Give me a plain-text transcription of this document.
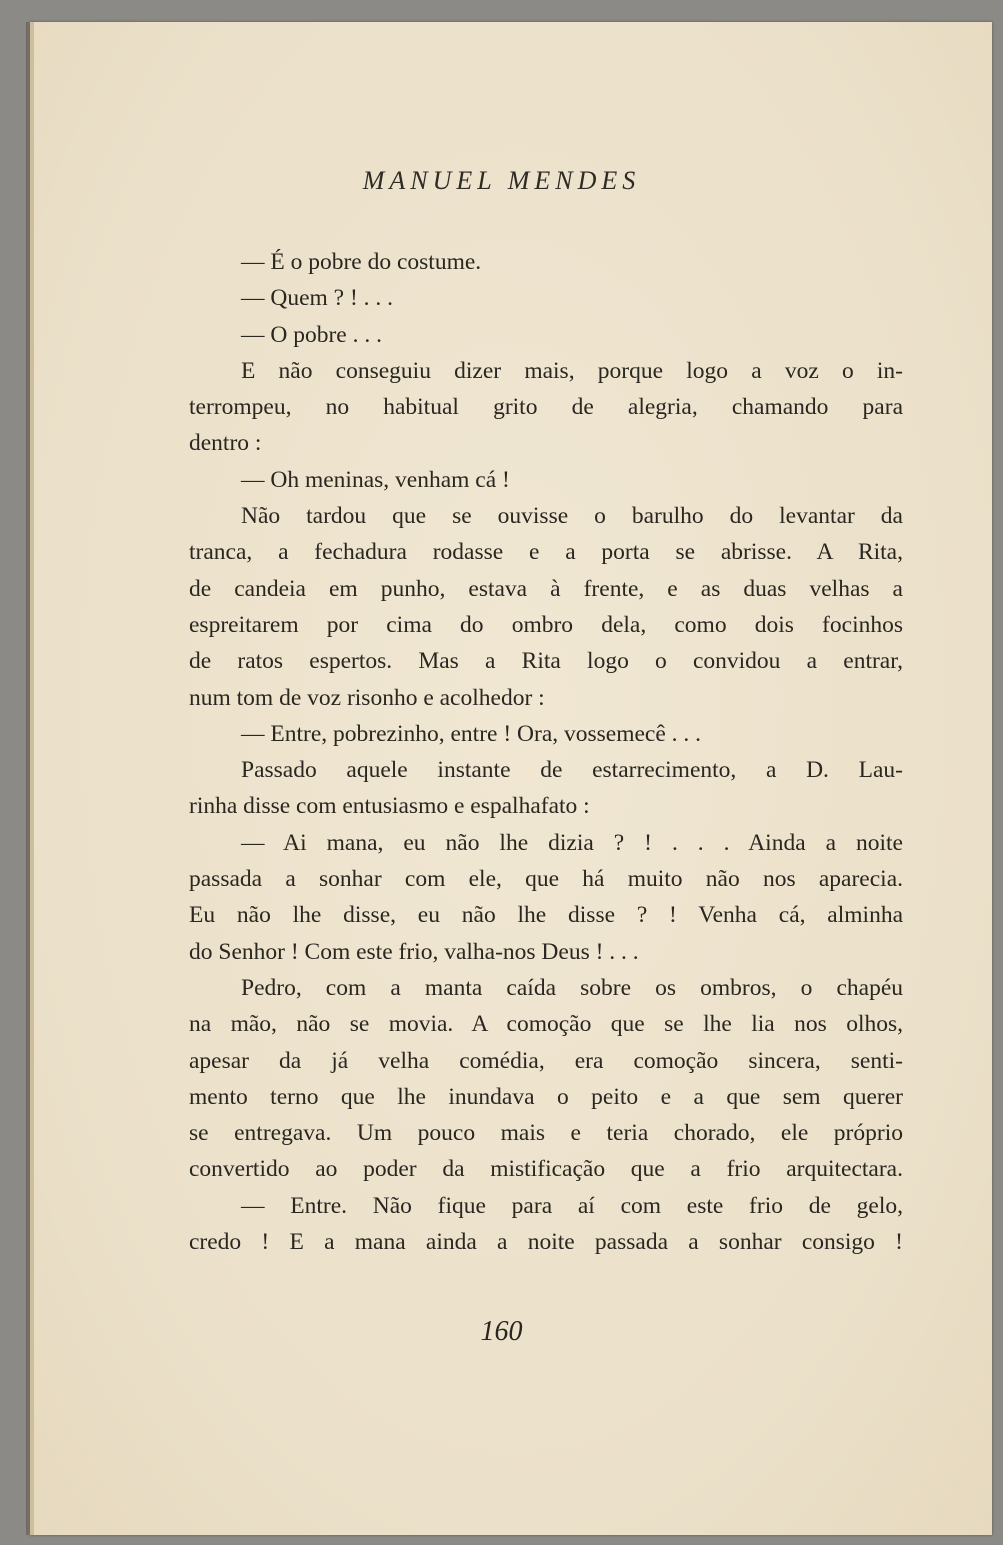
MANUEL MENDES
— É o pobre do costume.
— Quem ? ! . . .
— O pobre . . .
E não conseguiu dizer mais, porque logo a voz o in-
terrompeu, no habitual grito de alegria, chamando para
dentro :
— Oh meninas, venham cá !
Não tardou que se ouvisse o barulho do levantar da
tranca, a fechadura rodasse e a porta se abrisse. A Rita,
de candeia em punho, estava à frente, e as duas velhas a
espreitarem por cima do ombro dela, como dois focinhos
de ratos espertos. Mas a Rita logo o convidou a entrar,
num tom de voz risonho e acolhedor :
— Entre, pobrezinho, entre ! Ora, vossemecê . . .
Passado aquele instante de estarrecimento, a D. Lau-
rinha disse com entusiasmo e espalhafato :
— Ai mana, eu não lhe dizia ? ! . . . Ainda a noite
passada a sonhar com ele, que há muito não nos aparecia.
Eu não lhe disse, eu não lhe disse ? ! Venha cá, alminha
do Senhor ! Com este frio, valha-nos Deus ! . . .
Pedro, com a manta caída sobre os ombros, o chapéu
na mão, não se movia. A comoção que se lhe lia nos olhos,
apesar da já velha comédia, era comoção sincera, senti-
mento terno que lhe inundava o peito e a que sem querer
se entregava. Um pouco mais e teria chorado, ele próprio
convertido ao poder da mistificação que a frio arquitectara.
— Entre. Não fique para aí com este frio de gelo,
credo ! E a mana ainda a noite passada a sonhar consigo !
160
